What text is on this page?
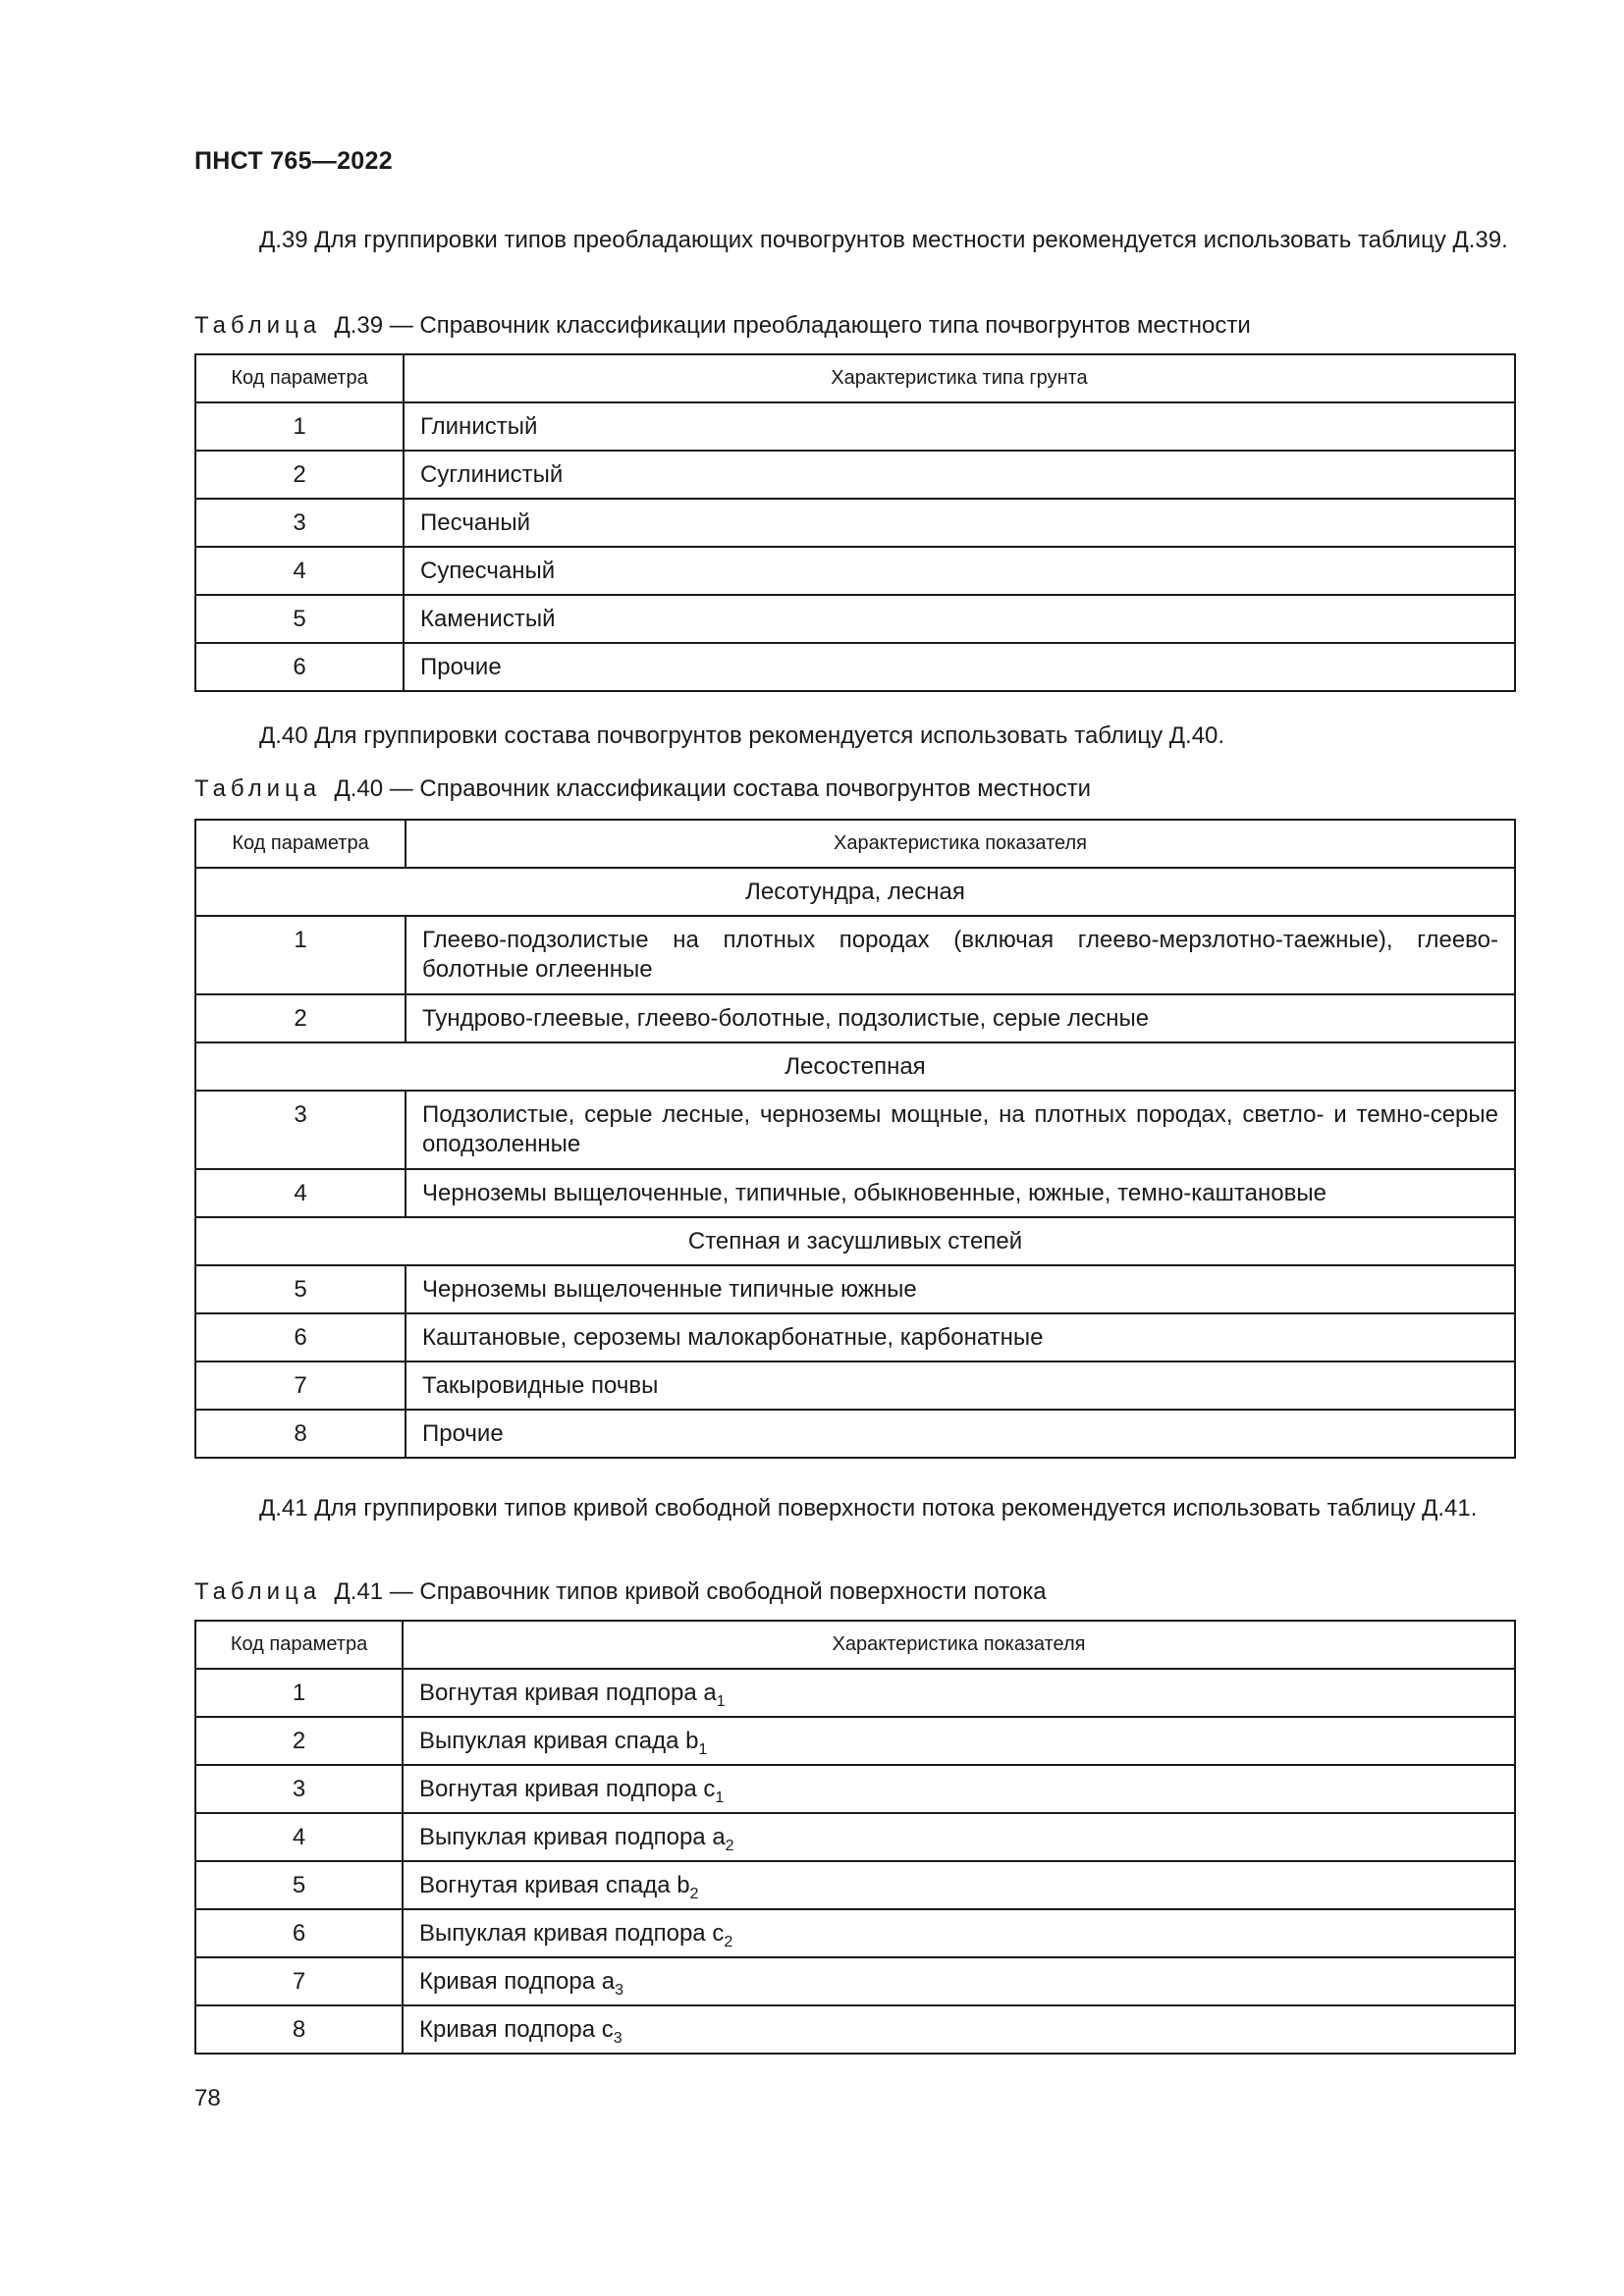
ПНСТ 765—2022
Д.39 Для группировки типов преобладающих почвогрунтов местности рекомендуется использовать таблицу Д.39.
Таблица Д.39 — Справочник классификации преобладающего типа почвогрунтов местности
Код параметра	Характеристика типа грунта
1	Глинистый
2	Суглинистый
3	Песчаный
4	Супесчаный
5	Каменистый
6	Прочие
Д.40 Для группировки состава почвогрунтов рекомендуется использовать таблицу Д.40.
Таблица Д.40 — Справочник классификации состава почвогрунтов местности
Код параметра	Характеристика показателя
Лесотундра, лесная	
1	Глеево-подзолистые на плотных породах (включая глеево-мерзлотно-таежные), глеево-болотные оглеенные
2	Тундрово-глеевые, глеево-болотные, подзолистые, серые лесные
Лесостепная	
3	Подзолистые, серые лесные, черноземы мощные, на плотных породах, светло- и темно-серые оподзоленные
4	Черноземы выщелоченные, типичные, обыкновенные, южные, темно-каштановые
Степная и засушливых степей	
5	Черноземы выщелоченные типичные южные
6	Каштановые, сероземы малокарбонатные, карбонатные
7	Такыровидные почвы
8	Прочие
Д.41 Для группировки типов кривой свободной поверхности потока рекомендуется использовать таблицу Д.41.
Таблица Д.41 — Справочник типов кривой свободной поверхности потока
Код параметра	Характеристика показателя
1	Вогнутая кривая подпора $a_1$
2	Выпуклая кривая спада $b_1$
3	Вогнутая кривая подпора $c_1$
4	Выпуклая кривая подпора $a_2$
5	Вогнутая кривая спада $b_2$
6	Выпуклая кривая подпора $c_2$
7	Кривая подпора $a_3$
8	Кривая подпора $c_3$
78
